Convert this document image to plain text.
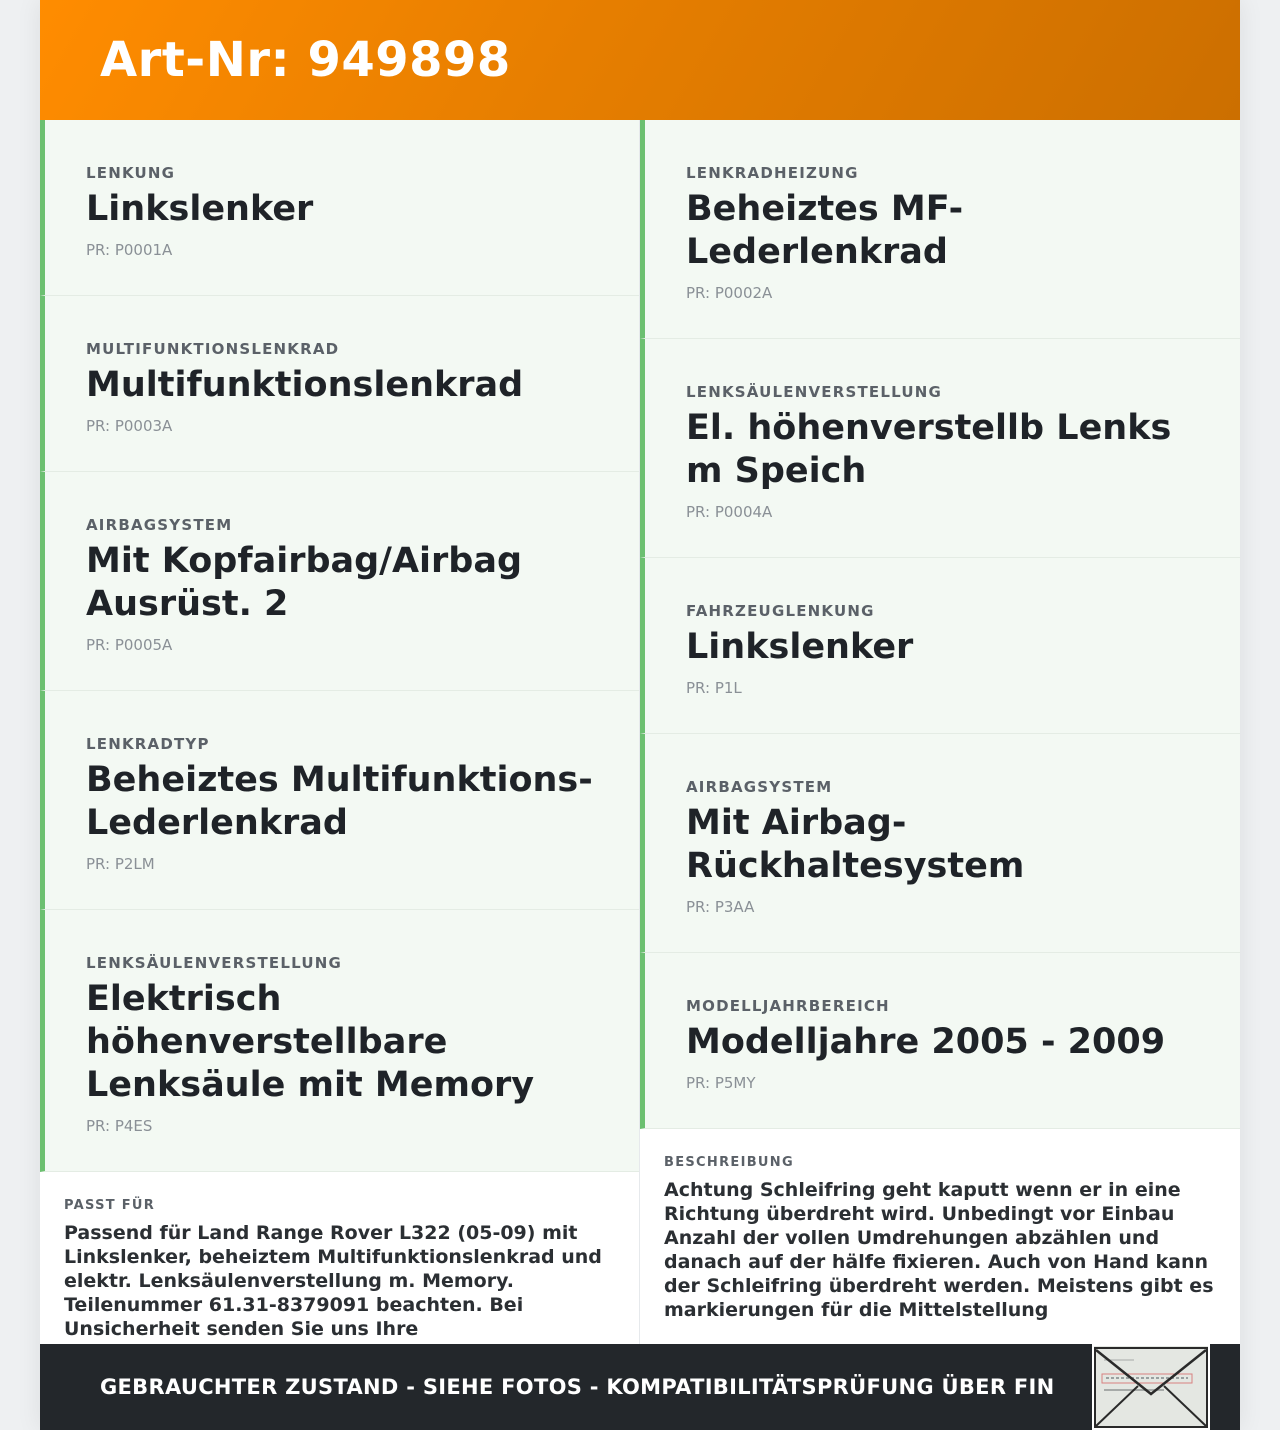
Art-Nr: 949898
LENKUNG
Linkslenker
PR: P0001A
MULTIFUNKTIONSLENKRAD
Multifunktionslenkrad
PR: P0003A
AIRBAGSYSTEM
Mit Kopfairbag/Airbag Ausrüst. 2
PR: P0005A
LENKRADTYP
Beheiztes Multifunktions-Lederlenkrad
PR: P2LM
LENKSÄULENVERSTELLUNG
Elektrisch höhenverstellbare Lenksäule mit Memory
PR: P4ES
PASST FÜR
Passend für Land Range Rover L322 (05-09) mit Linkslenker, beheiztem Multifunktionslenkrad und elektr. Lenksäulenverstellung m. Memory. Teilenummer 61.31-8379091 beachten. Bei Unsicherheit senden Sie uns Ihre
LENKRADHEIZUNG
Beheiztes MF-Lederlenkrad
PR: P0002A
LENKSÄULENVERSTELLUNG
El. höhenverstellb Lenks m Speich
PR: P0004A
FAHRZEUGLENKUNG
Linkslenker
PR: P1L
AIRBAGSYSTEM
Mit Airbag-Rückhaltesystem
PR: P3AA
MODELLJAHRBEREICH
Modelljahre 2005 - 2009
PR: P5MY
BESCHREIBUNG
Achtung Schleifring geht kaputt wenn er in eine Richtung überdreht wird. Unbedingt vor Einbau Anzahl der vollen Umdrehungen abzählen und danach auf der hälfe fixieren. Auch von Hand kann der Schleifring überdreht werden. Meistens gibt es markierungen für die Mittelstellung
GEBRAUCHTER ZUSTAND - SIEHE FOTOS - KOMPATIBILITÄTSPRÜFUNG ÜBER FIN
